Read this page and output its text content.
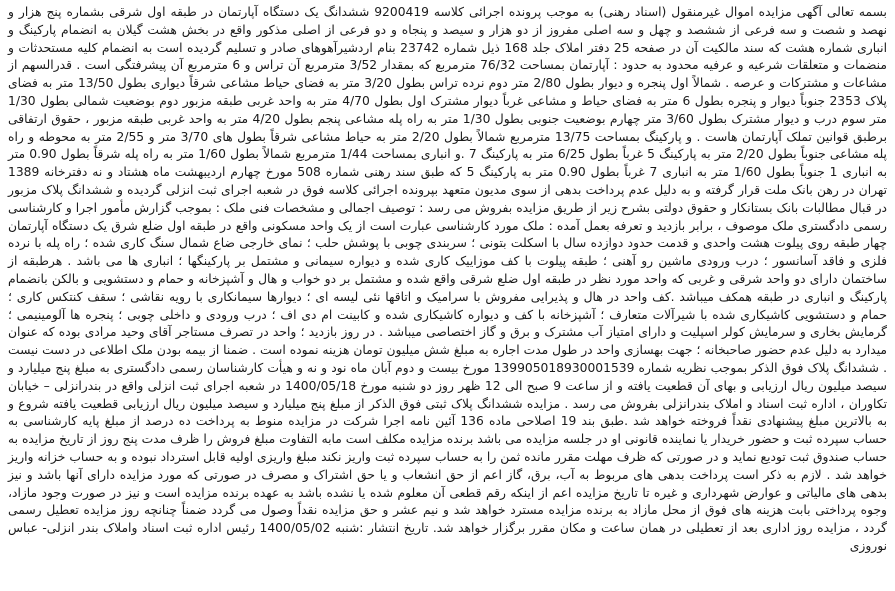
بسمه تعالی آگهی مزایده اموال غیرمنقول (اسناد رهنی) به موجب پرونده اجرائی کلاسه 9200419 ششدانگ یک دستگاه آپارتمان در طبقه اول شرقی بشماره پنج هزار و نهصد و شصت و سه فرعی از ششصد و چهل و سه اصلی مفروز از دو هزار و سیصد و پنجاه و دو فرعی از اصلی مذکور واقع در بخش هشت گیلان به انضمام پارکینگ و انباری شماره هشت که سند مالکیت آن در صفحه 25 دفتر املاک جلد 168 ذیل شماره 23742 بنام اردشیرآهوهای صادر و تسلیم گردیده است به انضمام کلیه مستحدثات و منضمات و متعلقات شرعیه و عرفیه محدود به حدود : آپارتمان بمساحت 76/32 مترمربع که بمقدار 3/52 مترمربع آن تراس و 6 مترمربع آن پیشرفتگی است . قدرالسهم از مشاعات و مشترکات و عرصه . شمالاً اول پنجره و دیوار بطول 2/80 متر دوم نرده تراس بطول 3/20 متر به فضای حیاط مشاعی شرقاً دیواری بطول 13/50 متر به فضای پلاک 2353 جنوباً دیوار و پنجره بطول 6 متر به فضای حیاط و مشاعی غرباً دیوار مشترک اول بطول 4/70 متر به واحد غربی طبقه مزبور دوم بوضعیت شمالی بطول 1/30 متر سوم درب و دیوار مشترک بطول 3/60 متر چهارم بوضعیت جنوبی بطول 1/30 متر به راه پله مشاعی پنجم بطول 4/20 متر به واحد غربی طبقه مزبور ، حقوق ارتفاقی برطبق قوانین تملک آپارتمان هاست . و پارکینگ بمساحت 13/75 مترمربع شمالاً بطول 2/20 متر به حیاط مشاعی شرقاً بطول های 3/70 متر و 2/55 متر به محوطه و راه پله مشاعی جنوباً بطول 2/20 متر به پارکینگ 5 غرباً بطول 6/25 متر به پارکینگ 7 .و انباری بمساحت 1/44 مترمربع شمالاً بطول 1/60 متر به راه پله شرقاً بطول 0.90 متر به انباری 1 جنوباً بطول 1/60 متر به انباری 7 غرباً بطول 0.90 متر به پارکینگ 5 که طبق سند رهنی شماره 508 مورخ چهارم اردیبهشت ماه هشتاد و نه دفترخانه 1389 تهران در رهن بانک ملت قرار گرفته و به دلیل عدم پرداخت بدهی از سوی مدیون متعهد بپرونده اجرائی کلاسه فوق در شعبه اجرای ثبت انزلی گردیده و ششدانگ پلاک مزبور در قبال مطالبات بانک بستانکار و حقوق دولتی بشرح زیر از طریق مزایده بفروش می رسد : توصیف اجمالی و مشخصات فنی ملک : بموجب گزارش مأمور اجرا و کارشناسی رسمی دادگستری ملک موصوف ، برابر بازدید و تعرفه بعمل آمده : ملک مورد کارشناسی عبارت است از یک واحد مسکونی واقع در طبقه اول ضلع شرق یک دستگاه آپارتمان چهار طبقه روی پیلوت هشت واحدی و قدمت حدود دوازده سال با اسکلت بتونی ؛ سربندی چوبی با پوشش حلب ؛ نمای خارجی ضاع شمال سنگ کاری شده ؛ راه پله با نرده فلزی و فاقد آسانسور ؛ درب ورودی ماشین رو آهنی ؛ طبقه پیلوت با کف موزاییک کاری شده و دیواره سیمانی و مشتمل بر پارکینگها ؛ انباری ها می باشد . هرطبقه از ساختمان دارای دو واحد شرقی و غربی که واحد مورد نظر در طبقه اول ضلع شرقی واقع شده و مشتمل بر دو خواب و هال و آشپزخانه و حمام و دستشویی و بالکن بانضمام پارکینگ و انباری در طبقه همکف میباشد .کف واحد در هال و پذیرایی مفروش با سرامیک و اتاقها نئی لیسه ای ؛ دیوارها سیمانکاری با رویه نقاشی ؛ سقف کنتکس کاری ؛ حمام و دستشویی کاشیکاری شده با شیرآلات متعارف ؛ آشپزخانه با کف و دیواره کاشیکاری شده و کابینت ام دی اف ؛ درب ورودی و داخلی چوبی ؛ پنجره ها آلومینیمی ؛ گرمایش بخاری و سرمایش کولر اسپلیت و دارای امتیاز آب مشترک و برق و گاز اختصاصی میباشد . در روز بازدید ؛ واحد در تصرف مستاجر آقای وحید مرادی بوده که عنوان میدارد به دلیل عدم حضور صاحبخانه ؛ جهت بهسازی واحد در طول مدت اجاره به مبلغ شش میلیون تومان هزینه نموده است . ضمنا از بیمه بودن ملک اطلاعی در دست نیست . ششدانگ پلاک فوق الذکر بموجب نظریه شماره 139905018930001539 مورخ بیست و دوم آبان ماه نود و نه و هیأت کارشناسان رسمی دادگستری به مبلغ پنج میلیارد و سیصد میلیون ریال ارزیابی و بهای آن قطعیت یافته و از ساعت 9 صبح الی 12 ظهر روز دو شنبه مورخ 1400/05/18 در شعبه اجرای ثبت انزلی واقع در بندرانزلی – خیابان تکاوران ، اداره ثبت اسناد و املاک بندرانزلی بفروش می رسد . مزایده ششدانگ پلاک ثبتی فوق الذکر از مبلغ پنج میلیارد و سیصد میلیون ریال ارزیابی قطعیت یافته شروع و به بالاترین مبلغ پیشنهادی نقداً فروخته خواهد شد .طبق بند 19 اصلاحی ماده 136 آئین نامه اجرا شرکت در مزایده منوط به پرداخت ده درصد از مبلغ پایه کارشناسی به حساب سپرده ثبت و حضور خریدار یا نماینده قانونی او در جلسه مزایده می باشد برنده مزایده مکلف است مابه التفاوت مبلغ فروش را ظرف مدت پنج روز از تاریخ مزایده به حساب صندوق ثبت تودیع نماید و در صورتی که ظرف مهلت مقرر مانده ثمن را به حساب سپرده ثبت واریز نکند مبلغ واریزی اولیه قابل استرداد نبوده و به حساب خزانه واریز خواهد شد . لازم به ذکر است پرداخت بدهی های مربوط به آب، برق، گاز اعم از حق انشعاب و یا حق اشتراک و مصرف در صورتی که مورد مزایده دارای آنها باشد و نیز بدهی های مالیاتی و عوارض شهرداری و غیره تا تاریخ مزایده اعم از اینکه رقم قطعی آن معلوم شده یا نشده باشد به عهده برنده مزایده است و نیز در صورت وجود مازاد، وجوه پرداختی بابت هزینه های فوق از محل مازاد به برنده مزایده مسترد خواهد شد و نیم عشر و حق مزایده نقداً وصول می گردد ضمناً چنانچه روز مزایده تعطیل رسمی گردد ، مزایده روز اداری بعد از تعطیلی در همان ساعت و مکان مقرر برگزار خواهد شد. تاریخ انتشار :شنبه 1400/05/02 رئیس اداره ثبت اسناد واملاک بندر انزلی- عباس نوروزی
